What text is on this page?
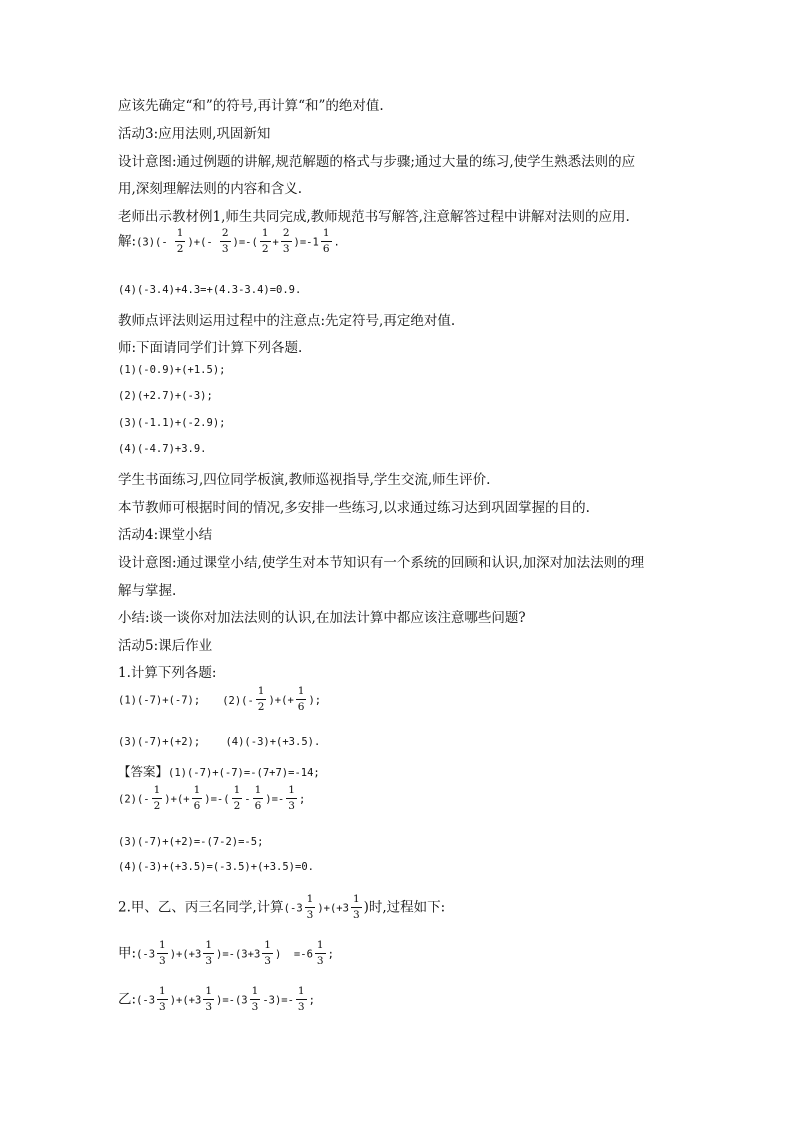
应该先确定“和”的符号,再计算“和”的绝对值.
活动3:应用法则,巩固新知
设计意图:通过例题的讲解,规范解题的格式与步骤;通过大量的练习,使学生熟悉法则的应
用,深刻理解法则的内容和含义.
老师出示教材例1,师生共同完成,教师规范书写解答,注意解答过程中讲解对法则的应用.
解:(3)(- $\frac{1}{2}$ )+(- $\frac{2}{3}$ )=-( $\frac{1}{2} + \frac{2}{3} )=-1 \frac{1}{6}$ .
(4)(-3.4)+4.3=+(4.3-3.4)=0.9.
教师点评法则运用过程中的注意点:先定符号,再定绝对值.
师:下面请同学们计算下列各题.
(1)(-0.9)+(+1.5);
(2)(+2.7)+(-3);
(3)(-1.1)+(-2.9);
(4)(-4.7)+3.9.
学生书面练习,四位同学板演,教师巡视指导,学生交流,师生评价.
本节教师可根据时间的情况,多安排一些练习,以求通过练习达到巩固掌握的目的.
活动4:课堂小结
设计意图:通过课堂小结,使学生对本节知识有一个系统的回顾和认识,加深对加法法则的理
解与掌握.
小结:谈一谈你对加法法则的认识,在加法计算中都应该注意哪些问题?
活动5:课后作业
1.计算下列各题:
(1)(-7)+(-7); $(2)(- \frac{1}{2}$ )+(+ $\frac{1}{6}$ );
(3)(-7)+(+2);    (4)(-3)+(+3.5).
【答案】(1)(-7)+(-7)=-(7+7)=-14;
$(2)(- \frac{1}{2}$ )+(+ $\frac{1}{6}$ )=-( $\frac{1}{2} - \frac{1}{6}$ )=- $\frac{1}{3}$ ;
(3)(-7)+(+2)=-(7-2)=-5;
(4)(-3)+(+3.5)=(-3.5)+(+3.5)=0.
2.甲、乙、丙三名同学,计算$(-3 \frac{1}{3} )+(+3 \frac{1}{3}$ )时,过程如下:
甲:(-3 $\frac{1}{3} )+(+3 \frac{1}{3} )=-(3+3 \frac{1}{3}$ )  $=-6 \frac{1}{3}$ ;
乙:(-3 $\frac{1}{3} )+(+3 \frac{1}{3} )=-(3 \frac{1}{3} -3)=- \frac{1}{3}$ ;
